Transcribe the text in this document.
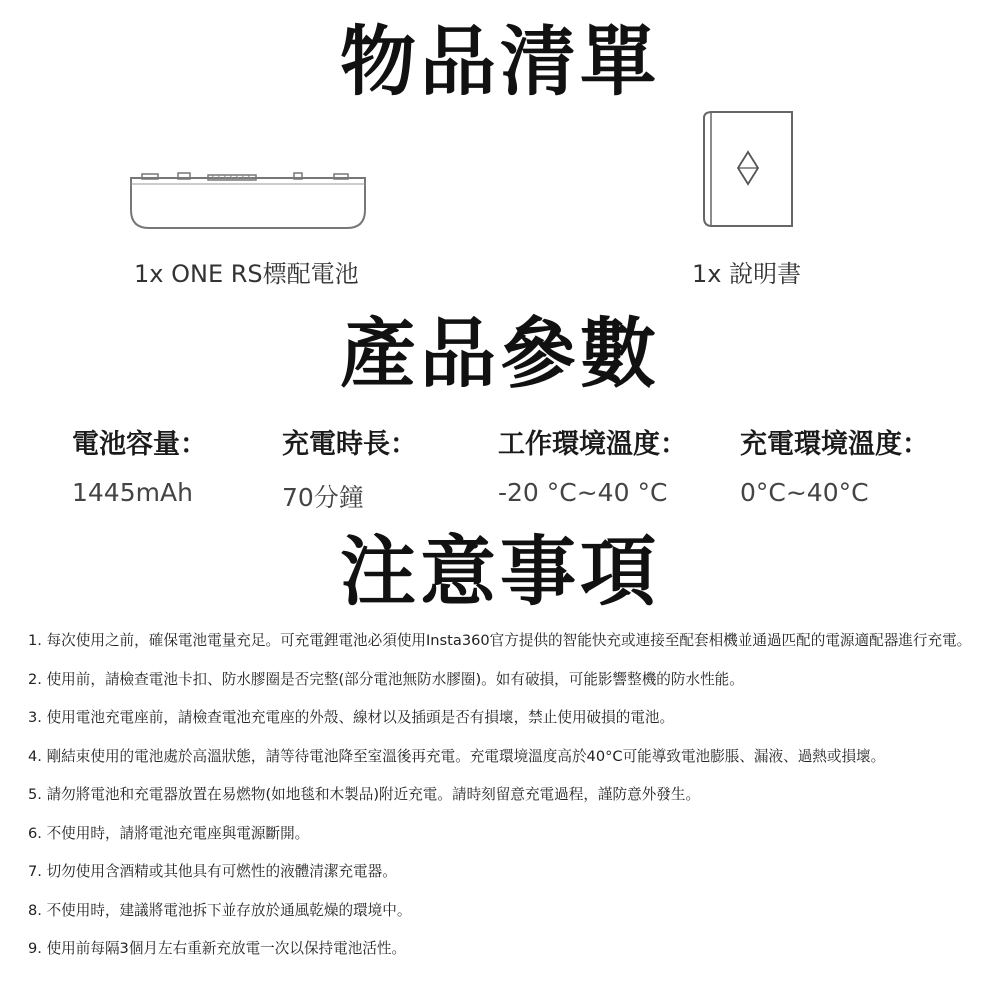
物品清單
1x ONE RS標配電池	1x 說明書
產品參數
電池容量：
1445mAh
充電時長：
70分鐘
工作環境溫度：
-20 °C~40 °C
充電環境溫度：
0°C~40°C
注意事項
1. 每次使用之前，確保電池電量充足。可充電鋰電池必須使用Insta360官方提供的智能快充或連接至配套相機並通過匹配的電源適配器進行充電。
2. 使用前，請檢查電池卡扣、防水膠圈是否完整(部分電池無防水膠圈)。如有破損，可能影響整機的防水性能。
3. 使用電池充電座前，請檢查電池充電座的外殼、線材以及插頭是否有損壞，禁止使用破損的電池。
4. 剛結束使用的電池處於高溫狀態，請等待電池降至室溫後再充電。充電環境溫度高於40°C可能導致電池膨脹、漏液、過熱或損壞。
5. 請勿將電池和充電器放置在易燃物(如地毯和木製品)附近充電。請時刻留意充電過程，謹防意外發生。
6. 不使用時，請將電池充電座與電源斷開。
7. 切勿使用含酒精或其他具有可燃性的液體清潔充電器。
8. 不使用時，建議將電池拆下並存放於通風乾燥的環境中。
9. 使用前每隔3個月左右重新充放電一次以保持電池活性。
